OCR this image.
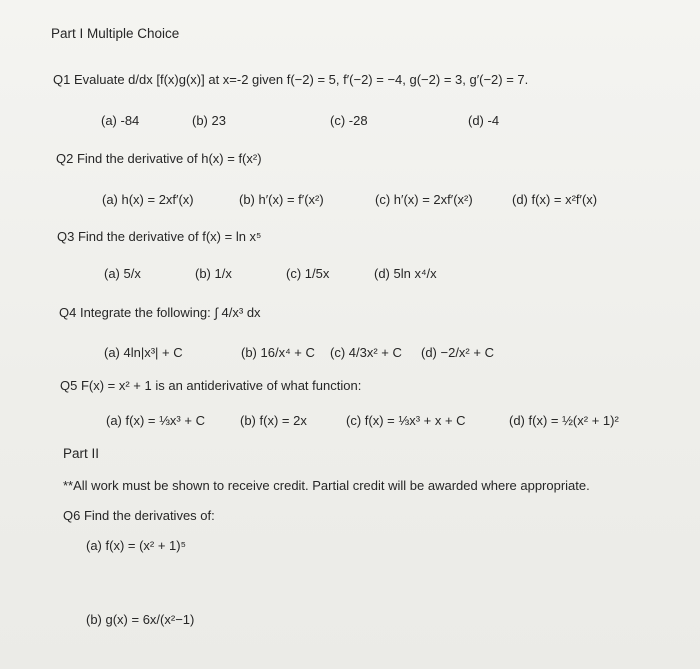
Part I Multiple Choice
Q1 Evaluate d/dx [f(x)g(x)] at x=-2 given f(−2) = 5, f′(−2) = −4, g(−2) = 3, g′(−2) = 7.
(a) -84	(b) 23	(c) -28	(d) -4
Q2 Find the derivative of h(x) = f(x²)
(a) h(x) = 2xf′(x)	(b) h′(x) = f′(x²)	(c) h′(x) = 2xf′(x²)	(d) f(x) = x²f′(x)
Q3 Find the derivative of f(x) = ln x⁵
(a) 5/x	(b) 1/x	(c) 1/5x	(d) 5ln x⁴/x
Q4 Integrate the following: ∫ 4/x³ dx
(a) 4ln|x³| + C	(b) 16/x⁴ + C (c) 4/3x² + C (d) −2/x² + C
Q5 F(x) = x² + 1 is an antiderivative of what function:
(a) f(x) = ⅓x³ + C	(b) f(x) = 2x	(c) f(x) = ⅓x³ + x + C	(d) f(x) = ½(x² + 1)²
Part II
**All work must be shown to receive credit. Partial credit will be awarded where appropriate.
Q6 Find the derivatives of:
(a) f(x) = (x² + 1)⁵
(b) g(x) = 6x/(x²−1)
